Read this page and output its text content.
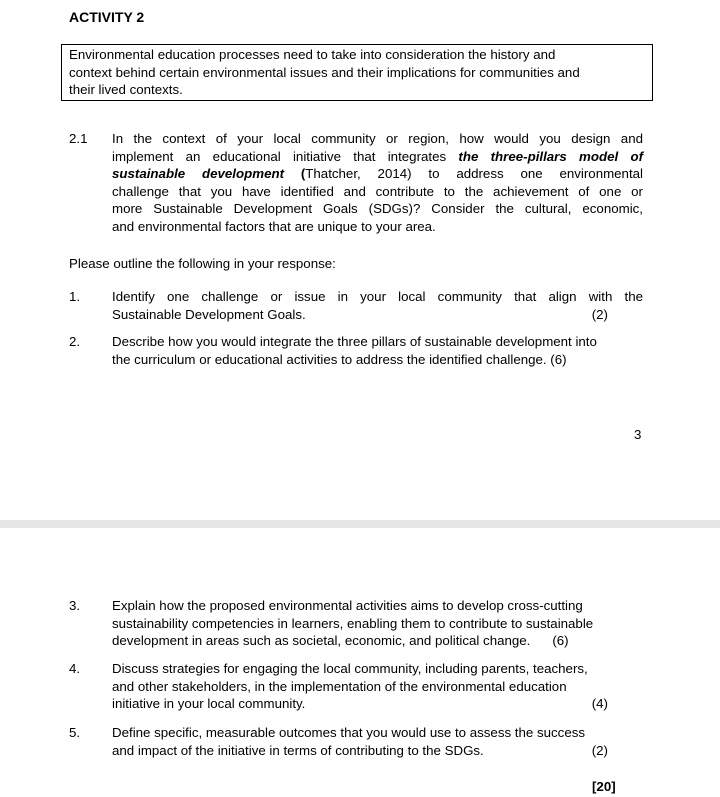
ACTIVITY 2
Environmental education processes need to take into consideration the history and
context behind certain environmental issues and their implications for communities and
their lived contexts.
2.1 In the context of your local community or region, how would you design and
implement an educational initiative that integrates the three-pillars model of
sustainable development (Thatcher, 2014) to address one environmental
challenge that you have identified and contribute to the achievement of one or
more Sustainable Development Goals (SDGs)? Consider the cultural, economic,
and environmental factors that are unique to your area.
Please outline the following in your response:
1. Identify one challenge or issue in your local community that align with the
Sustainable Development Goals.	(2)
2. Describe how you would integrate the three pillars of sustainable development into
the curriculum or educational activities to address the identified challenge. (6)
3
3. Explain how the proposed environmental activities aims to develop cross-cutting
sustainability competencies in learners, enabling them to contribute to sustainable
development in areas such as societal, economic, and political change. (6)
4. Discuss strategies for engaging the local community, including parents, teachers,
and other stakeholders, in the implementation of the environmental education
initiative in your local community.	(4)
5. Define specific, measurable outcomes that you would use to assess the success
and impact of the initiative in terms of contributing to the SDGs.	(2)
[20]
